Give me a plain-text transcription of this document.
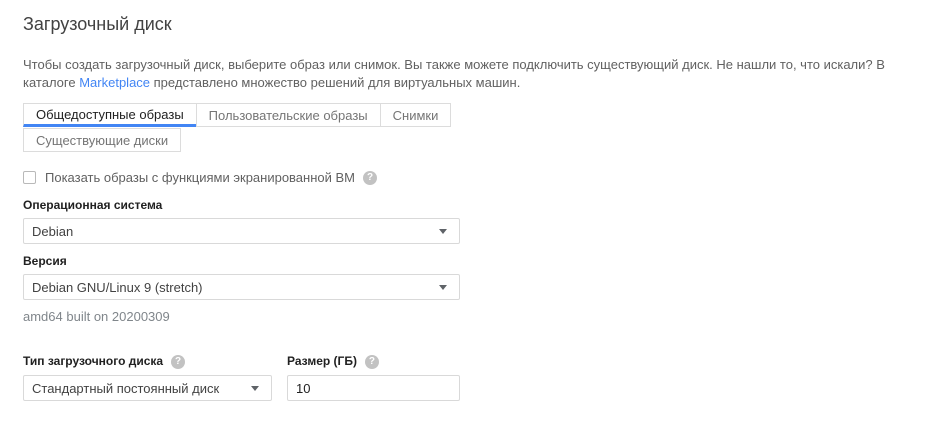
Загрузочный диск

Чтобы создать загрузочный диск, выберите образ или снимок. Вы также можете подключить существующий диск. Не нашли то, что искали? В каталоге Marketplace представлено множество решений для виртуальных машин.

Общедоступные образы	Пользовательские образы	Снимки
Существующие диски
Показать образы с функциями экранированной ВМ	?
Операционная система
Debian
Версия
Debian GNU/Linux 9 (stretch)
amd64 built on 20200309
Тип загрузочного диска	?
Стандартный постоянный диск
Размер (ГБ)	?
10
